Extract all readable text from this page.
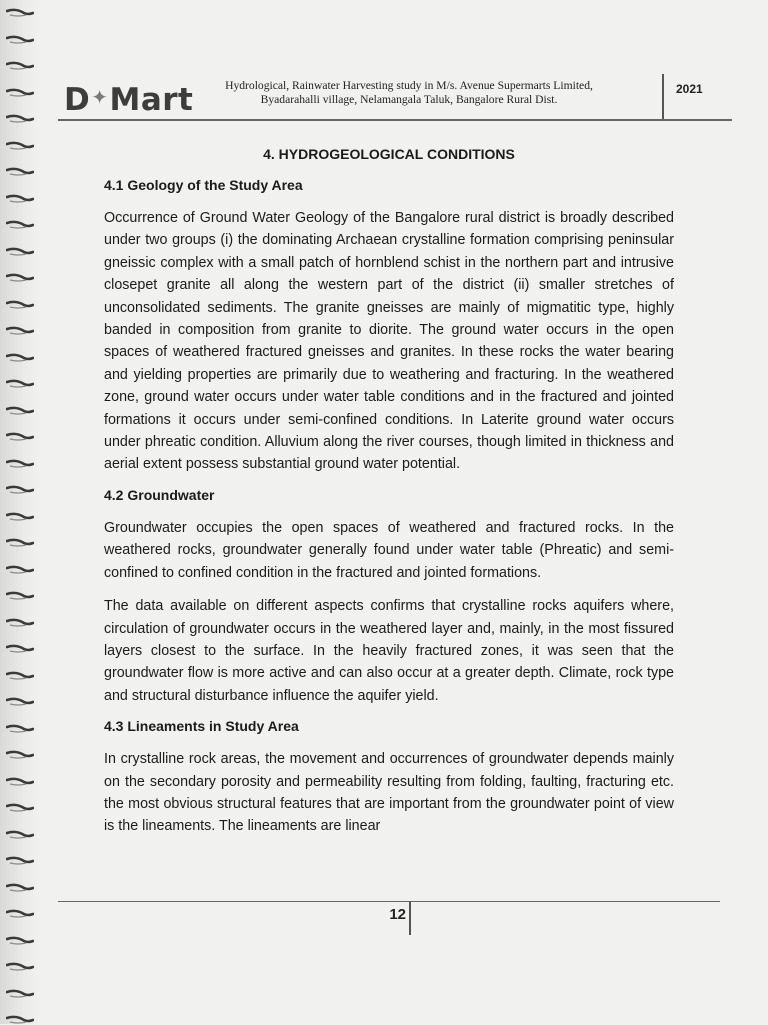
D✦Mart	Hydrological, Rainwater Harvesting study in M/s. Avenue Supermarts Limited,
Byadarahalli village, Nelamangala Taluk, Bangalore Rural Dist.
2021
4. HYDROGEOLOGICAL CONDITIONS
4.1 Geology of the Study Area

Occurrence of Ground Water Geology of the Bangalore rural district is broadly described under two groups (i) the dominating Archaean crystalline formation comprising peninsular gneissic complex with a small patch of hornblend schist in the northern part and intrusive closepet granite all along the western part of the district (ii) smaller stretches of unconsolidated sediments. The granite gneisses are mainly of migmatitic type, highly banded in composition from granite to diorite. The ground water occurs in the open spaces of weathered fractured gneisses and granites. In these rocks the water bearing and yielding properties are primarily due to weathering and fracturing. In the weathered zone, ground water occurs under water table conditions and in the fractured and jointed formations it occurs under semi-confined conditions. In Laterite ground water occurs under phreatic condition. Alluvium along the river courses, though limited in thickness and aerial extent possess substantial ground water potential.

4.2 Groundwater

Groundwater occupies the open spaces of weathered and fractured rocks. In the weathered rocks, groundwater generally found under water table (Phreatic) and semi-confined to confined condition in the fractured and jointed formations.

The data available on different aspects confirms that crystalline rocks aquifers where, circulation of groundwater occurs in the weathered layer and, mainly, in the most fissured layers closest to the surface. In the heavily fractured zones, it was seen that the groundwater flow is more active and can also occur at a greater depth. Climate, rock type and structural disturbance influence the aquifer yield.

4.3 Lineaments in Study Area

In crystalline rock areas, the movement and occurrences of groundwater depends mainly on the secondary porosity and permeability resulting from folding, faulting, fracturing etc. the most obvious structural features that are important from the groundwater point of view is the lineaments. The lineaments are linear

12
